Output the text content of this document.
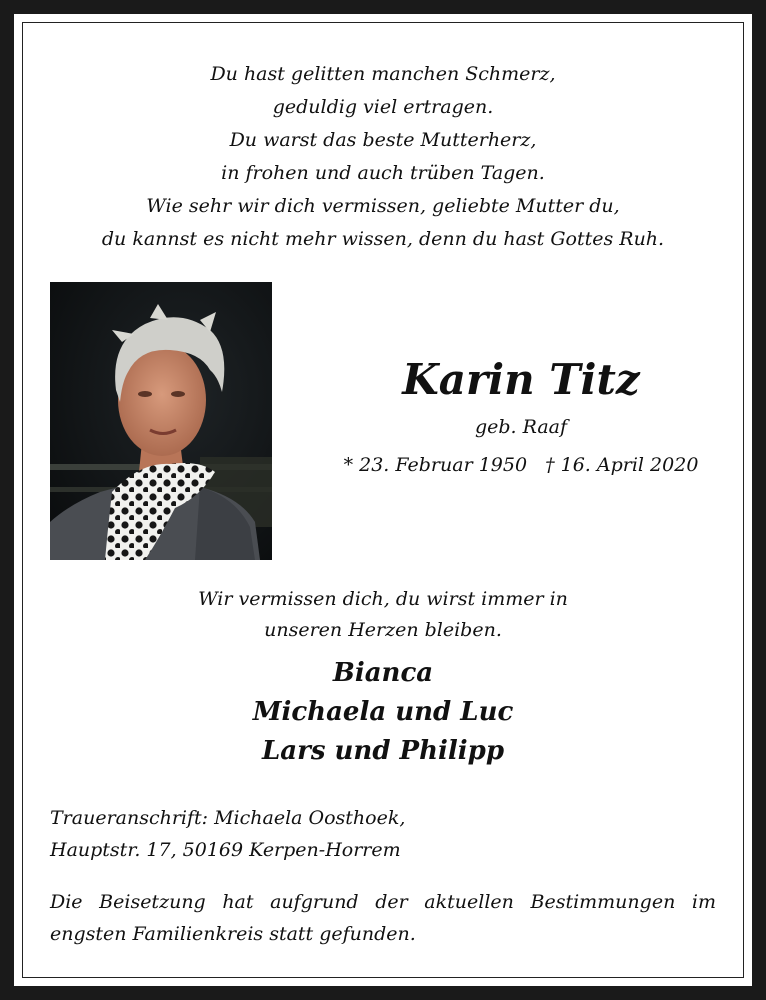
Du hast gelitten manchen Schmerz,
geduldig viel ertragen.
Du warst das beste Mutterherz,
in frohen und auch trüben Tagen.
Wie sehr wir dich vermissen, geliebte Mutter du,
du kannst es nicht mehr wissen, denn du hast Gottes Ruh.
Karin Titz
geb. Raaf
* 23. Februar 1950 † 16. April 2020
Wir vermissen dich, du wirst immer in
unseren Herzen bleiben.
Bianca
Michaela und Luc
Lars und Philipp
Traueranschrift: Michaela Oosthoek,
Hauptstr. 17, 50169 Kerpen-Horrem
Die Beisetzung hat aufgrund der aktuellen Bestimmungen im engsten Familienkreis statt gefunden.
